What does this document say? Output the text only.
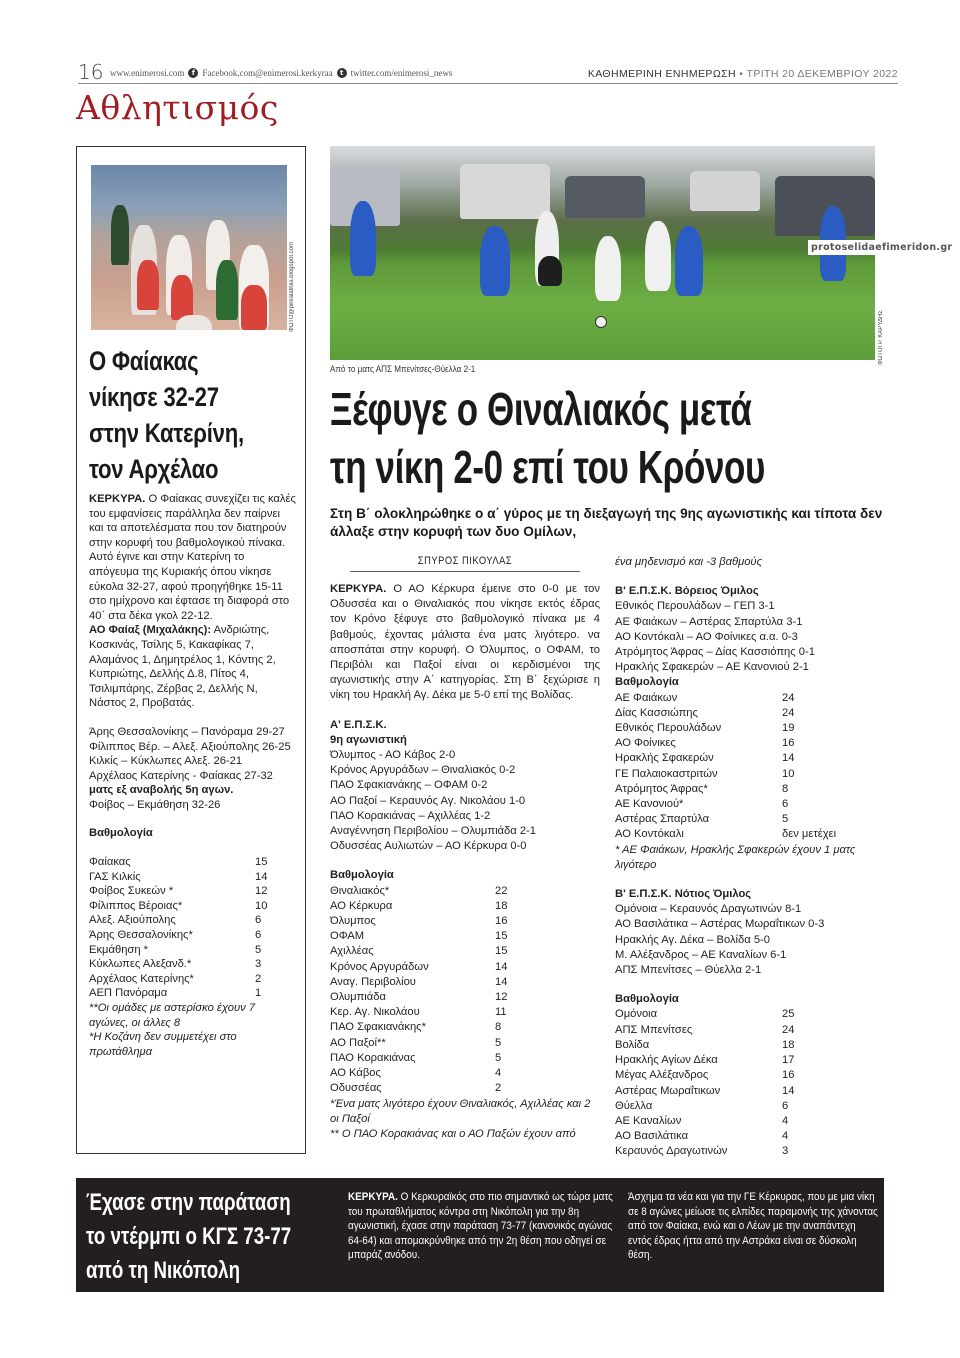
16 www.enimerosi.com	f Facebook.com@enimerosi.kerkyraa	t twitter.com/enimerosi_news	ΚΑΘΗΜΕΡΙΝΗ ΕΝΗΜΕΡΩΣΗ • ΤΡΙΤΗ 20 ΔΕΚΕΜΒΡΙΟΥ 2022
Αθλητισμός
ΦΩΤΟ@pirealathlia.blogspot.com
Ο Φαίακας
νίκησε 32-27
στην Κατερίνη,
τον Αρχέλαο

ΚΕΡΚΥΡΑ. Ο Φαίακας συνεχίζει τις καλές του εμφανίσεις παράλληλα δεν παίρνει και τα αποτελέσματα που τον διατηρούν στην κορυφή του βαθμολογικού πίνακα. Αυτό έγινε και στην Κατερίνη το απόγευμα της Κυριακής όπου νίκησε εύκολα 32-27, αφού προηγήθηκε 15-11 στο ημίχρονο και έφτασε τη διαφορά στο 40΄ στα δέκα γκολ 22-12.

ΑΟ Φαίαξ (Μιχαλάκης): Ανδριώτης, Κοσκινάς, Τσίλης 5, Κακαφίκας 7, Αλαμάνος 1, Δημητρέλος 1, Κόντης 2, Κυπριώτης, Δελλής Δ.8, Πίτος 4, Τσιλιμπάρης, Ζέρβας 2, Δελλής Ν, Νάστος 2, Προβατάς.

Άρης Θεσσαλονίκης – Πανόραμα 29-27

Φίλιππος Βέρ. – Αλεξ. Αξιούπολης 26-25

Κιλκίς – Κύκλωπες Αλεξ. 26-21

Αρχέλαος Κατερίνης - Φαίακας 27-32

ματς εξ αναβολής 5η αγων.

Φοίβος – Εκμάθηση 32-26

Βαθμολογία

Φαίακας	15
ΓΑΣ Κιλκίς	14
Φοίβος Συκεών *	12
Φίλιππος Βέροιας*	10
Αλεξ. Αξιούπολης	6
Άρης Θεσσαλονίκης*	6
Εκμάθηση *	5
Κύκλωπες Αλεξανδ.*	3
Αρχέλαος Κατερίνης*	2
ΑΕΠ Πανόραμα	1

**Οι ομάδες με αστερίσκο έχουν 7 αγώνες, οι άλλες 8

*Η Κοζάνη δεν συμμετέχει στο πρωτάθλημα

ΦΩΤΟΓΡ. ΚΑΡΥΔΗΣ
protoselidaefimeridon.gr
Από το ματς ΑΠΣ Μπενίτσες-Θύελλα 2-1
Ξέφυγε ο Θιναλιακός μετά
τη νίκη 2-0 επί του Κρόνου
Στη Β΄ ολοκληρώθηκε ο α΄ γύρος με τη διεξαγωγή της 9ης αγωνιστικής και τίποτα δεν άλλαξε στην κορυφή των δυο Ομίλων,
ΣΠΥΡΟΣ ΠΙΚΟΥΛΑΣ

ΚΕΡΚΥΡΑ. Ο ΑΟ Κέρκυρα έμεινε στο 0-0 με τον Οδυσσέα και ο Θιναλιακός που νίκησε εκτός έδρας τον Κρόνο ξέφυγε στο βαθμολογικό πίνακα με 4 βαθμούς, έχοντας μάλιστα ένα ματς λιγότερο. να αποσπάται στην κορυφή. Ο Όλυμπος, ο ΟΦΑΜ, το Περιβόλι και Παξοί είναι οι κερδισμένοι της αγωνιστικής στην Α΄ κατηγορίας. Στη Β΄ ξεχώρισε η νίκη του Ηρακλή Αγ. Δέκα με 5-0 επί της Βολίδας.

Α' Ε.Π.Σ.Κ.

9η αγωνιστική

Όλυμπος - ΑΟ Κάβος 2-0

Κρόνος Αργυράδων – Θιναλιακός 0-2

ΠΑΟ Σφακιανάκης – ΟΦΑΜ 0-2

ΑΟ Παξοί – Κεραυνός Αγ. Νικολάου 1-0

ΠΑΟ Κορακιάνας – Αχιλλέας 1-2

Αναγέννηση Περιβολίου – Ολυμπιάδα 2-1

Οδυσσέας Αυλιωτών – ΑΟ Κέρκυρα 0-0

Βαθμολογία

Θιναλιακός*	22
ΑΟ Κέρκυρα	18
Όλυμπος	16
ΟΦΑΜ	15
Αχιλλέας	15
Κρόνος Αργυράδων	14
Αναγ. Περιβολίου	14
Ολυμπιάδα	12
Κερ. Αγ. Νικολάου	11
ΠΑΟ Σφακιανάκης*	8
ΑΟ Παξοί**	5
ΠΑΟ Κορακιάνας	5
ΑΟ Κάβος	4
Οδυσσέας	2

*Ένα ματς λιγότερο έχουν Θιναλιακός, Αχιλλέας και 2 οι Παξοί

** Ο ΠΑΟ Κορακιάνας και ο ΑΟ Παξών έχουν από

ένα μηδενισμό και -3 βαθμούς

Β' Ε.Π.Σ.Κ. Βόρειος Όμιλος

Εθνικός Περουλάδων – ΓΕΠ 3-1

ΑΕ Φαιάκων – Αστέρας Σπαρτύλα 3-1

ΑΟ Κοντόκαλι – ΑΟ Φοίνικες α.α. 0-3

Ατρόμητος Άφρας – Δίας Κασσιόπης 0-1

Ηρακλής Σφακερών – ΑΕ Κανονιού 2-1

Βαθμολογία

ΑΕ Φαιάκων	24
Δίας Κασσιώπης	24
Εθνικός Περουλάδων	19
ΑΟ Φοίνικες	16
Ηρακλής Σφακερών	14
ΓΕ Παλαιοκαστριτών	10
Ατρόμητος Άφρας*	8
ΑΕ Κανονιού*	6
Αστέρας Σπαρτύλα	5
ΑΟ Κοντόκαλι	δεν μετέχει

* ΑΕ Φαιάκων, Ηρακλής Σφακερών έχουν 1 ματς λιγότερο

Β' Ε.Π.Σ.Κ. Νότιος Όμιλος

Ομόνοια – Κεραυνός Δραγωτινών 8-1

ΑΟ Βασιλάτικα – Αστέρας Μωραΐτικων 0-3

Ηρακλής Αγ. Δέκα – Βολίδα 5-0

Μ. Αλέξανδρος – ΑΕ Καναλίων 6-1

ΑΠΣ Μπενίτσες – Θύελλα 2-1

Βαθμολογία

Ομόνοια	25
ΑΠΣ Μπενίτσες	24
Βολίδα	18
Ηρακλής Αγίων Δέκα	17
Μέγας Αλέξανδρος	16
Αστέρας Μωραΐτικων	14
Θύελλα	6
ΑΕ Καναλίων	4
ΑΟ Βασιλάτικα	4
Κεραυνός Δραγωτινών	3
Έχασε στην παράταση
το ντέρμπι ο ΚΓΣ 73-77
από τη Νικόπολη
ΚΕΡΚΥΡΑ. Ο Κερκυραϊκός στο πιο σημαντικό ως τώρα ματς του πρωταθλήματος κόντρα στη Νικόπολη για την 8η αγωνιστική, έχασε στην παράταση 73-77 (κανονικός αγώνας 64-64) και απομακρύνθηκε από την 2η θέση που οδηγεί σε μπαράζ ανόδου.
Άσχημα τα νέα και για την ΓΕ Κέρκυρας, που με μια νίκη σε 8 αγώνες μείωσε τις ελπίδες παραμονής της χάνοντας από τον Φαίακα, ενώ και ο Λέων με την αναπάντεχη εντός έδρας ήττα από την Αστράκα είναι σε δύσκολη θέση.
